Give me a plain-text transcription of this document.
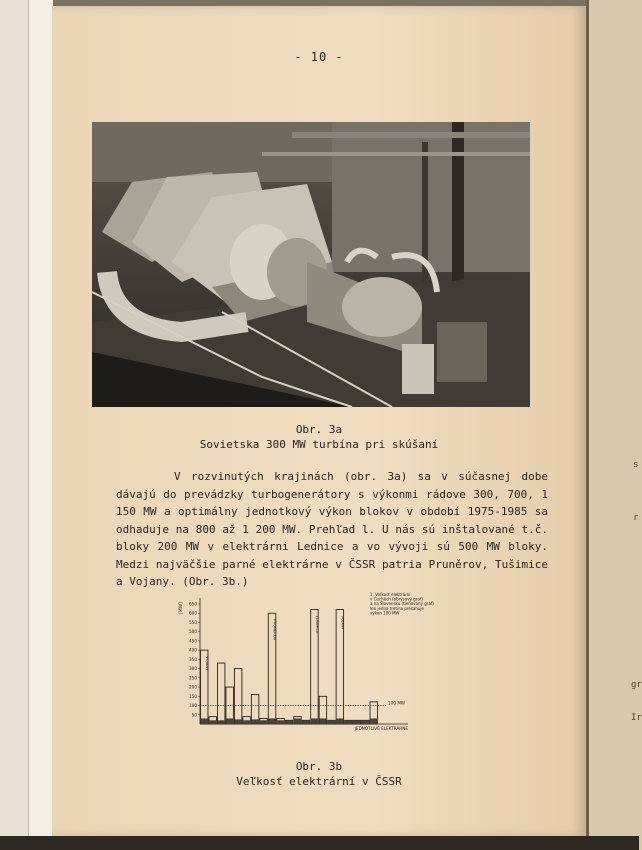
s
r
gr
Ir
- 10 -
Obr. 3a
Sovietska 300 MW turbína pri skúšaní
V rozvinutých krajinách (obr. 3a) sa v súčasnej dobe dávajú do prevádzky turbogenerátory s výkonmi rádove 300, 700, 1 150 MW a optimálny jednotkový výkon blokov v období 1975-1985 sa odhaduje na 800 až 1 200 MW. Prehľad l. U nás sú inštalované t.č. bloky 200 MW v elektrárni Lednice a vo vývoji sú 500 MW bloky. Medzi najväčšie parné elektrárne v ČSSR patria Pruněrov, Tušimice a Vojany. (Obr. 3b.)
[MW]
50
100
150
200
250
300
350
400
450
500
550
600
650
100 MW
JEDNOTLIVÉ ELEKTRÁRNE
VOJANY
PRUNĚROV	TUŠIMICE	VOJANY
1. Veľkosť elektrární
v Čechách (obrysový graf)
a na Slovensku (tieňovaný graf)
len jedna tretina presahuje
výkon 100 MW
Obr. 3b
Veľkosť elektrární v ČSSR
